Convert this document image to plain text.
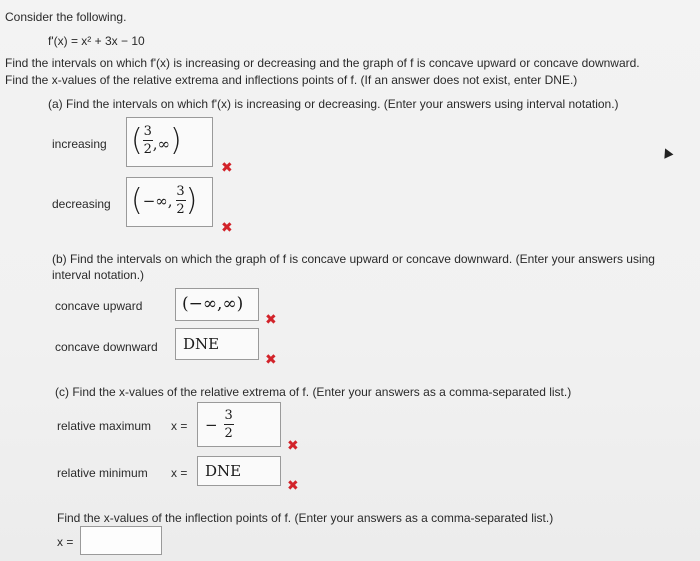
Consider the following.
f'(x) = x² + 3x − 10
Find the intervals on which f'(x) is increasing or decreasing and the graph of f is concave upward or concave downward.
Find the x-values of the relative extrema and inflections points of f. (If an answer does not exist, enter DNE.)
(a) Find the intervals on which f'(x) is increasing or decreasing. (Enter your answers using interval notation.)
increasing ( $\frac{3}{2}$ ,∞ )
✖
decreasing ( −∞, $\frac{3}{2}$ )
✖
(b) Find the intervals on which the graph of f is concave upward or concave downward. (Enter your answers using
interval notation.)
concave upward (−∞,∞)
✖
concave downward DNE
✖
(c) Find the x-values of the relative extrema of f. (Enter your answers as a comma-separated list.)
relative maximum x = − $\frac{3}{2}$
✖
relative minimum x = DNE
✖
Find the x-values of the inflection points of f. (Enter your answers as a comma-separated list.)
x =
